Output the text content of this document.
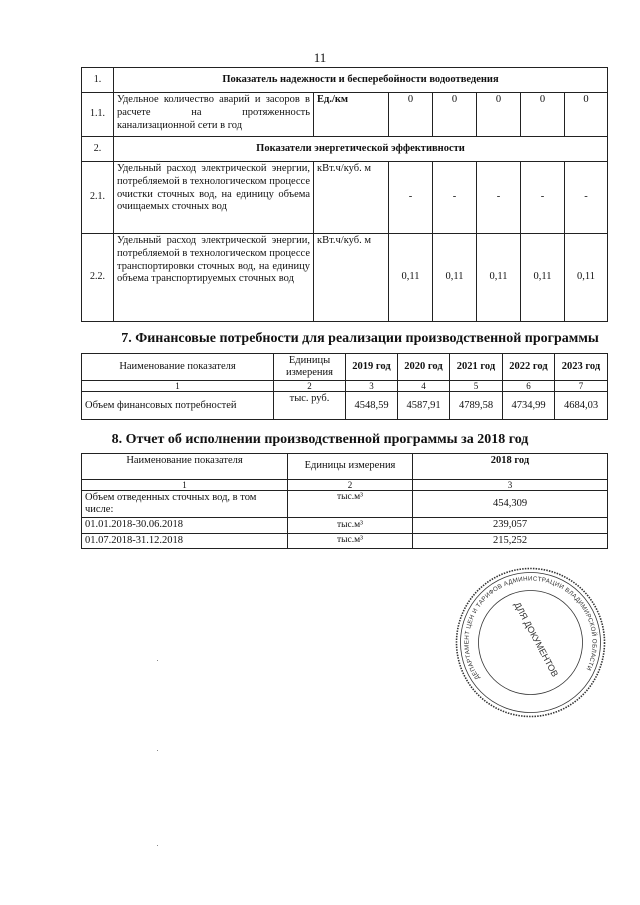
11
1.	Показатель надежности и бесперебойности водоотведения						
1.1.	Удельное количество аварий и засоров в расчете на протяженность канализационной сети в год	Ед./км	0	0	0	0	0
2.	Показатели энергетической эффективности						
2.1.	Удельный расход электрической энергии, потребляемой в технологическом процессе очистки сточных вод, на единицу объема очищаемых сточных вод	кВт.ч/куб. м	-	-	-	-	-
2.2.	Удельный расход электрической энергии, потребляемой в технологическом процессе транспортировки сточных вод, на единицу объема транспортируемых сточных вод	кВт.ч/куб. м	0,11	0,11	0,11	0,11	0,11
7. Финансовые потребности для реализации производственной программы
Наименование показателя	Единицы измерения	2019 год	2020 год	2021 год	2022 год	2023 год
1	2	3	4	5	6	7
Объем финансовых потребностей	тыс. руб.	4548,59	4587,91	4789,58	4734,99	4684,03
8. Отчет об исполнении производственной программы за 2018 год
Наименование показателя	Единицы измерения	2018 год
1	2	3
Объем отведенных сточных вод, в том числе:	тыс.м³	454,309
01.01.2018-30.06.2018	тыс.м³	239,057
01.07.2018-31.12.2018	тыс.м³	215,252
ДЕПАРТАМЕНТ ЦЕН И ТАРИФОВ АДМИНИСТРАЦИИ ВЛАДИМИРСКОЙ ОБЛАСТИ
ДЛЯ ДОКУМЕНТОВ
